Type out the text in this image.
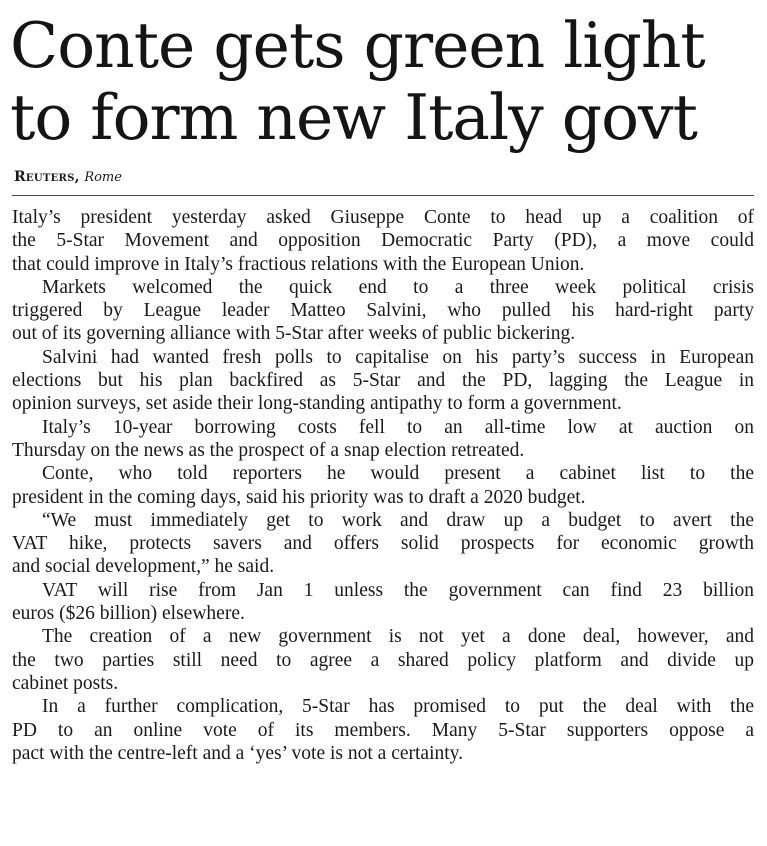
Conte gets green light
to form new Italy govt
Reuters, Rome

Italy’s president yesterday asked Giuseppe Conte to head up a coalition of
the 5-Star Movement and opposition Democratic Party (PD), a move could
that could improve in Italy’s fractious relations with the European Union.

Markets welcomed the quick end to a three week political crisis
triggered by League leader Matteo Salvini, who pulled his hard-right party
out of its governing alliance with 5-Star after weeks of public bickering.

Salvini had wanted fresh polls to capitalise on his party’s success in European
elections but his plan backfired as 5-Star and the PD, lagging the League in
opinion surveys, set aside their long-standing antipathy to form a government.

Italy’s 10-year borrowing costs fell to an all-time low at auction on
Thursday on the news as the prospect of a snap election retreated.

Conte, who told reporters he would present a cabinet list to the
president in the coming days, said his priority was to draft a 2020 budget.

“We must immediately get to work and draw up a budget to avert the
VAT hike, protects savers and offers solid prospects for economic growth
and social development,” he said.

VAT will rise from Jan 1 unless the government can find 23 billion
euros ($26 billion) elsewhere.

The creation of a new government is not yet a done deal, however, and
the two parties still need to agree a shared policy platform and divide up
cabinet posts.

In a further complication, 5-Star has promised to put the deal with the
PD to an online vote of its members. Many 5-Star supporters oppose a
pact with the centre-left and a ‘yes’ vote is not a certainty.
